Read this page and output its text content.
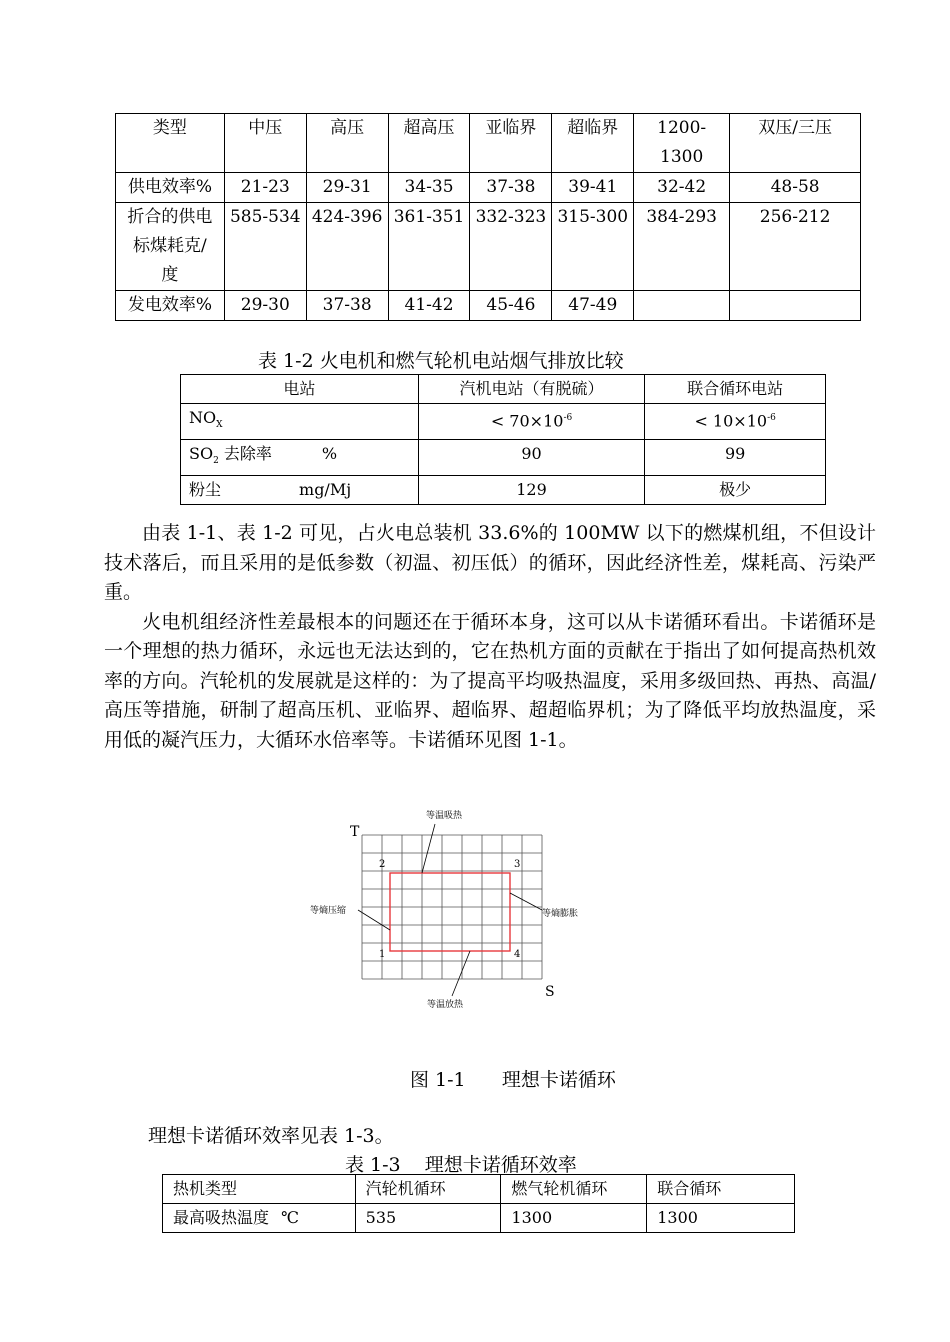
类型	中压	高压	超高压	亚临界	超临界	1200-1300	双压/三压
供电效率%	21-23	29-31	34-35	37-38	39-41	32-42	48-58
折合的供电标煤耗克/度	585-534	424-396	361-351	332-323	315-300	384-293	256-212
发电效率%	29-30	37-38	41-42	45-46	47-49		
表 1-2 火电机和燃气轮机电站烟气排放比较
电站	汽机电站（有脱硫）	联合循环电站
$NO_X$	< $70\times 10^{-6}$	< $10\times 10^{-6}$
$SO_2$ 去除率 %	90	99
粉尘 mg/Mj	129	极少

由表 1-1、表 1-2 可见，占火电总装机 33.6%的 100MW 以下的燃煤机组，不但设计技术落后，而且采用的是低参数（初温、初压低）的循环，因此经济性差，煤耗高、污染严重。

火电机组经济性差最根本的问题还在于循环本身，这可以从卡诺循环看出。卡诺循环是一个理想的热力循环，永远也无法达到的，它在热机方面的贡献在于指出了如何提高热机效率的方向。汽轮机的发展就是这样的：为了提高平均吸热温度，采用多级回热、再热、高温/高压等措施，研制了超高压机、亚临界、超临界、超超临界机；为了降低平均放热温度，采用低的凝汽压力，大循环水倍率等。卡诺循环见图 1-1。

T
S
2	3
1	4
等温吸热
等温放热
等熵压缩	等熵膨胀
图 1-1      理想卡诺循环
理想卡诺循环效率见表 1-3。
表 1-3    理想卡诺循环效率
热机类型	汽轮机循环	燃气轮机循环	联合循环
最高吸热温度 ℃	535	1300	1300
